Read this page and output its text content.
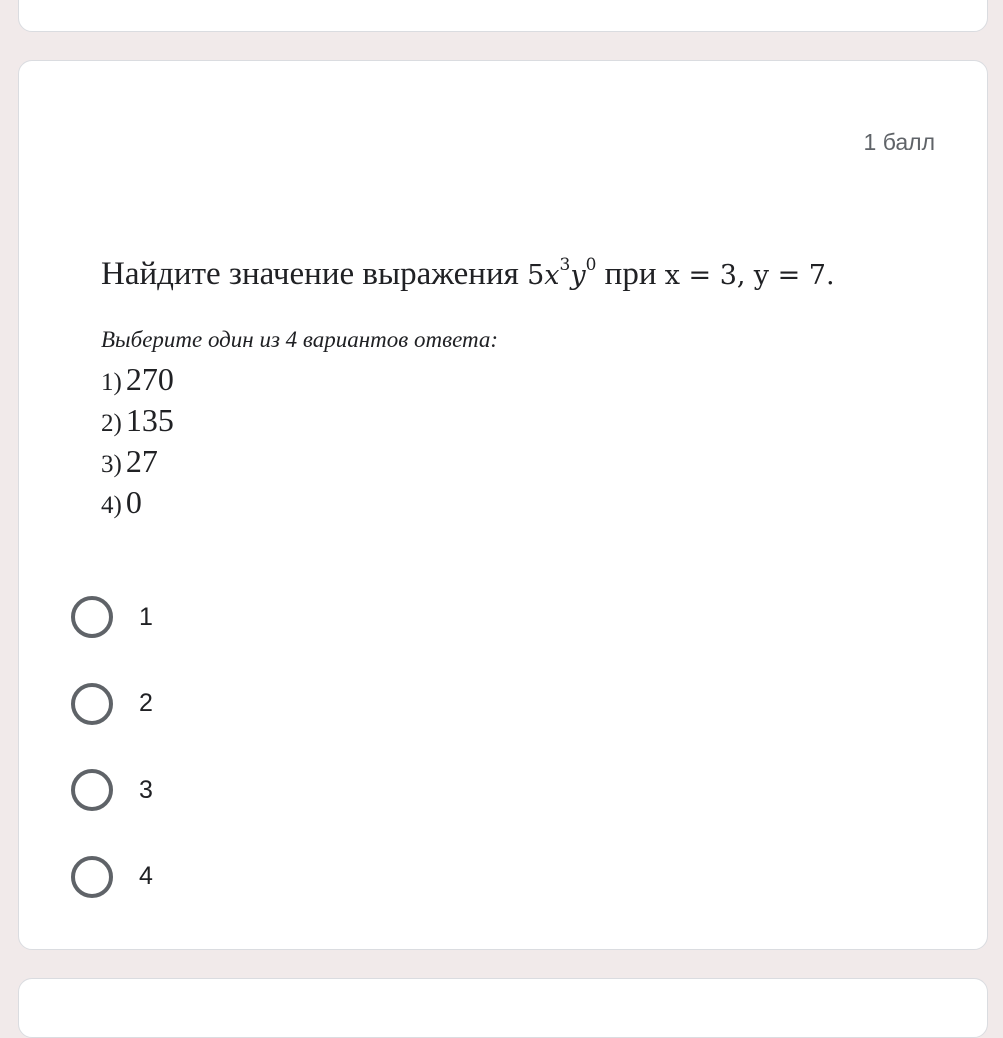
1 балл
Найдите значение выражения $5x^3y^0$ при x = 3, y = 7.
Выберите один из 4 вариантов ответа:
1) 270
2) 135
3) 27
4) 0
1
2
3
4
